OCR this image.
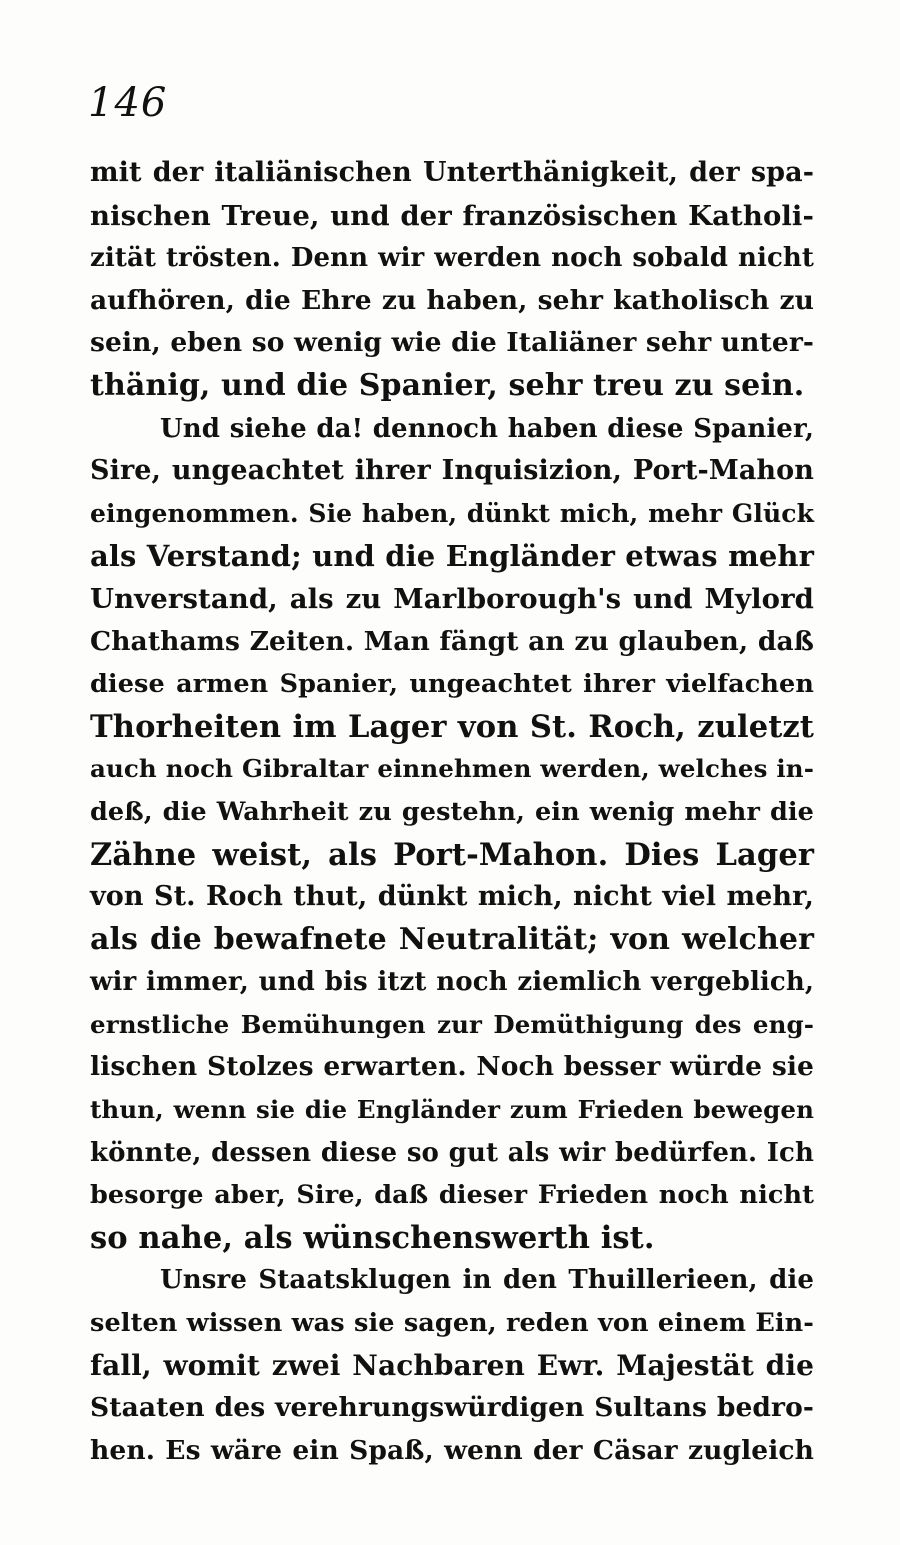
146
mit der italiänischen Unterthänigkeit, der spa-
nischen Treue, und der französischen Katholi-
zität trösten. Denn wir werden noch sobald nicht
aufhören, die Ehre zu haben, sehr katholisch zu
sein, eben so wenig wie die Italiäner sehr unter-
thänig, und die Spanier, sehr treu zu sein.
Und siehe da! dennoch haben diese Spanier,
Sire, ungeachtet ihrer Inquisizion, Port-Mahon
eingenommen. Sie haben, dünkt mich, mehr Glück
als Verstand; und die Engländer etwas mehr
Unverstand, als zu Marlborough's und Mylord
Chathams Zeiten. Man fängt an zu glauben, daß
diese armen Spanier, ungeachtet ihrer vielfachen
Thorheiten im Lager von St. Roch, zuletzt
auch noch Gibraltar einnehmen werden, welches in-
deß, die Wahrheit zu gestehn, ein wenig mehr die
Zähne weist, als Port-Mahon. Dies Lager
von St. Roch thut, dünkt mich, nicht viel mehr,
als die bewafnete Neutralität; von welcher
wir immer, und bis itzt noch ziemlich vergeblich,
ernstliche Bemühungen zur Demüthigung des eng-
lischen Stolzes erwarten. Noch besser würde sie
thun, wenn sie die Engländer zum Frieden bewegen
könnte, dessen diese so gut als wir bedürfen. Ich
besorge aber, Sire, daß dieser Frieden noch nicht
so nahe, als wünschenswerth ist.
Unsre Staatsklugen in den Thuillerieen, die
selten wissen was sie sagen, reden von einem Ein-
fall, womit zwei Nachbaren Ewr. Majestät die
Staaten des verehrungswürdigen Sultans bedro-
hen. Es wäre ein Spaß, wenn der Cäsar zugleich
